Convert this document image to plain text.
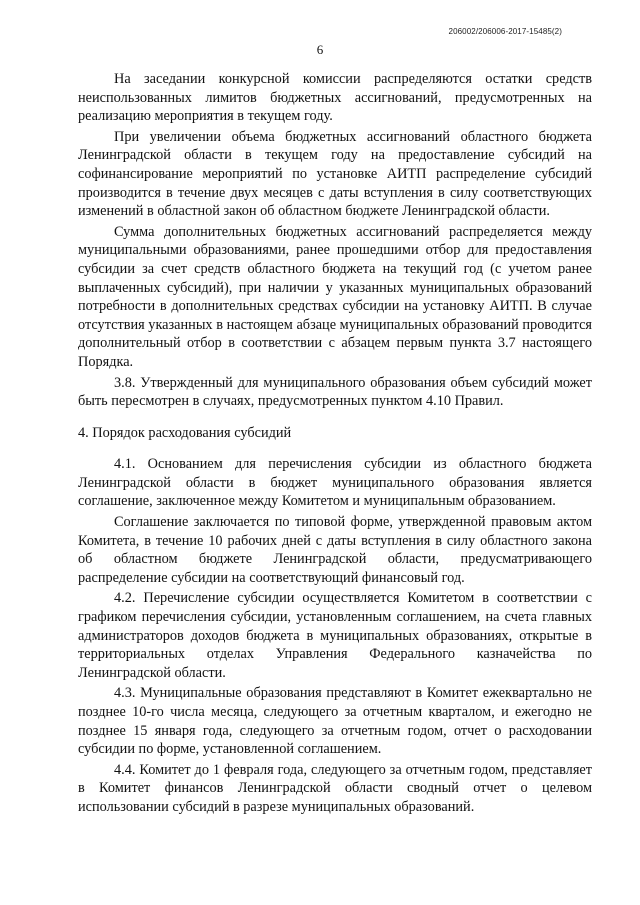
206002/206006-2017-15485(2)
6

На заседании конкурсной комиссии распределяются остатки средств неиспользованных лимитов бюджетных ассигнований, предусмотренных на реализацию мероприятия в текущем году.

При увеличении объема бюджетных ассигнований областного бюджета Ленинградской области в текущем году на предоставление субсидий на софинансирование мероприятий по установке АИТП распределение субсидий производится в течение двух месяцев с даты вступления в силу соответствующих изменений в областной закон об областном бюджете Ленинградской области.

Сумма дополнительных бюджетных ассигнований распределяется между муниципальными образованиями, ранее прошедшими отбор для предоставления субсидии за счет средств областного бюджета на текущий год (с учетом ранее выплаченных субсидий), при наличии у указанных муниципальных образований потребности в дополнительных средствах субсидии на установку АИТП. В случае отсутствия указанных в настоящем абзаце муниципальных образований проводится дополнительный отбор в соответствии с абзацем первым пункта 3.7 настоящего Порядка.

3.8. Утвержденный для муниципального образования объем субсидий может быть пересмотрен в случаях, предусмотренных пунктом 4.10 Правил.

4. Порядок расходования субсидий

4.1. Основанием для перечисления субсидии из областного бюджета Ленинградской области в бюджет муниципального образования является соглашение, заключенное между Комитетом и муниципальным образованием.

Соглашение заключается по типовой форме, утвержденной правовым актом Комитета, в течение 10 рабочих дней с даты вступления в силу областного закона об областном бюджете Ленинградской области, предусматривающего распределение субсидии на соответствующий финансовый год.

4.2. Перечисление субсидии осуществляется Комитетом в соответствии с графиком перечисления субсидии, установленным соглашением, на счета главных администраторов доходов бюджета в муниципальных образованиях, открытые в территориальных отделах Управления Федерального казначейства по Ленинградской области.

4.3. Муниципальные образования представляют в Комитет ежеквартально не позднее 10-го числа месяца, следующего за отчетным кварталом, и ежегодно не позднее 15 января года, следующего за отчетным годом, отчет о расходовании субсидии по форме, установленной соглашением.

4.4. Комитет до 1 февраля года, следующего за отчетным годом, представляет в Комитет финансов Ленинградской области сводный отчет о целевом использовании субсидий в разрезе муниципальных образований.
